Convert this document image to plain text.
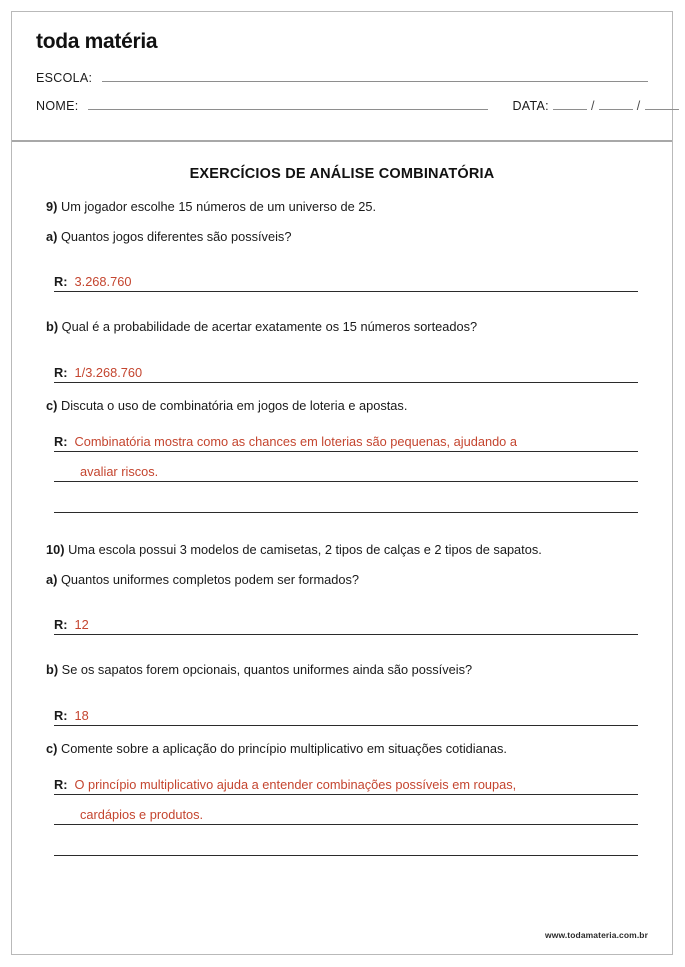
toda matéria
ESCOLA:
NOME:	DATA:	/	/
EXERCÍCIOS DE ANÁLISE COMBINATÓRIA

9) Um jogador escolhe 15 números de um universo de 25.

a) Quantos jogos diferentes são possíveis?

R: 3.268.760

b) Qual é a probabilidade de acertar exatamente os 15 números sorteados?

R: 1/3.268.760

c) Discuta o uso de combinatória em jogos de loteria e apostas.

R: Combinatória mostra como as chances em loterias são pequenas, ajudando a
avaliar riscos.

10) Uma escola possui 3 modelos de camisetas, 2 tipos de calças e 2 tipos de sapatos.

a) Quantos uniformes completos podem ser formados?

R: 12

b) Se os sapatos forem opcionais, quantos uniformes ainda são possíveis?

R: 18

c) Comente sobre a aplicação do princípio multiplicativo em situações cotidianas.

R: O princípio multiplicativo ajuda a entender combinações possíveis em roupas,
cardápios e produtos.
www.todamateria.com.br
